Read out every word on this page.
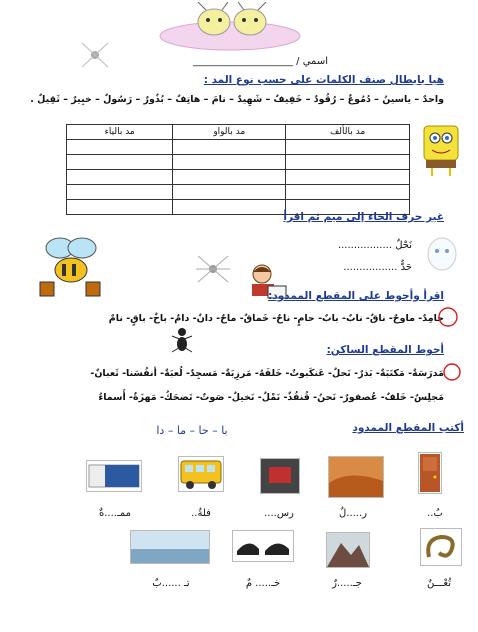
اسمي / ____________________
هيا بابطال صنف الكلمات على حسب نوع المد :
واحدٌ – ياسينُ – دُمُوعٌ – رُقُودٌ – خَفِيفٌ – شَهِيدٌ – نامَ – هاتِفٌ – بُذُورٌ – رَسُولٌ – خبِيرٌ – ثَقِيلٌ .
مد بالألف	مد بالواو	مد بالياء

غير حرف الحاء إلى ميم ثم اقرأ
نَحْلٌ .................
حَدٌّ .................
اقرأ وأحوط على المقطع الممدود:
حامِدٌ- ماوحٌ- ناقٌ- نابٌ- بابٌ- حامٍ- ناحٌ- خَماقٌ- ماحٌ- دانٌ- دامٌ- باخٌ- باقٍ- نامٌ
أحوط المقطع الساكن:
مَدرَسَةٌ- مَكتَبَةٌ- بَذرٌ- نَحلٌ- عَنكَبوتٌ- خَلفَهُ- مَرزِبَةٌ- مَسجِدٌ- لُعبَةٌ- أنفُسَنا- ثَعبانٌ-
مَجلِسٌ- خَلفٌ- عُصفورٌ- نَحنُ- قُنفُذٌ- نَمْلٌ- نَخيلٌ- صَوتٌ- تَضحَكُ- مَهزَةٌ- أَسماءُ
أكتب المقطع الممدود
با – حا – ما – دا
..بُ
ر.....لٌ
....رس
..فلةٌ
ممـ....ةٌ
تُعْـــنٌ
جـ.....رٌ
خـ..... مٌ
تـ ......بٌ
